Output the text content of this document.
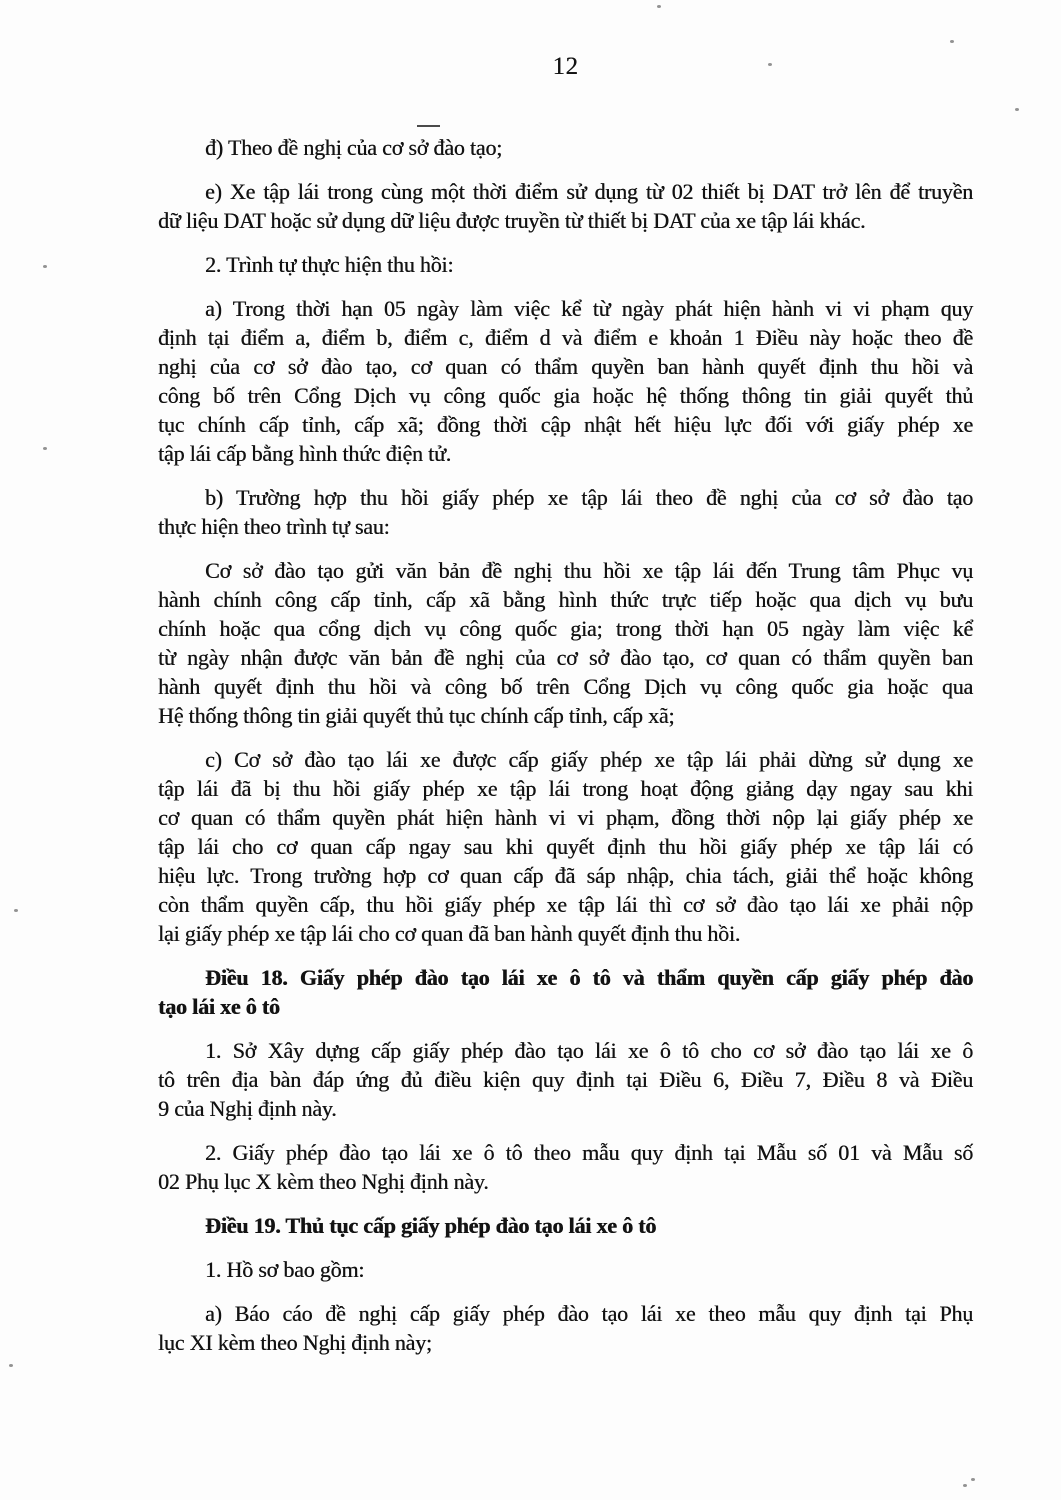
12
đ) Theo đề nghị của cơ sở đào tạo;
e) Xe tập lái trong cùng một thời điểm sử dụng từ 02 thiết bị DAT trở lên để truyền
dữ liệu DAT hoặc sử dụng dữ liệu được truyền từ thiết bị DAT của xe tập lái khác.
2. Trình tự thực hiện thu hồi:
a) Trong thời hạn 05 ngày làm việc kể từ ngày phát hiện hành vi vi phạm quy
định tại điểm a, điểm b, điểm c, điểm d và điểm e khoản 1 Điều này hoặc theo đề
nghị của cơ sở đào tạo, cơ quan có thẩm quyền ban hành quyết định thu hồi và
công bố trên Cổng Dịch vụ công quốc gia hoặc hệ thống thông tin giải quyết thủ
tục chính cấp tỉnh, cấp xã; đồng thời cập nhật hết hiệu lực đối với giấy phép xe
tập lái cấp bằng hình thức điện tử.
b) Trường hợp thu hồi giấy phép xe tập lái theo đề nghị của cơ sở đào tạo
thực hiện theo trình tự sau:
Cơ sở đào tạo gửi văn bản đề nghị thu hồi xe tập lái đến Trung tâm Phục vụ
hành chính công cấp tỉnh, cấp xã bằng hình thức trực tiếp hoặc qua dịch vụ bưu
chính hoặc qua cổng dịch vụ công quốc gia; trong thời hạn 05 ngày làm việc kể
từ ngày nhận được văn bản đề nghị của cơ sở đào tạo, cơ quan có thẩm quyền ban
hành quyết định thu hồi và công bố trên Cổng Dịch vụ công quốc gia hoặc qua
Hệ thống thông tin giải quyết thủ tục chính cấp tỉnh, cấp xã;
c) Cơ sở đào tạo lái xe được cấp giấy phép xe tập lái phải dừng sử dụng xe
tập lái đã bị thu hồi giấy phép xe tập lái trong hoạt động giảng dạy ngay sau khi
cơ quan có thẩm quyền phát hiện hành vi vi phạm, đồng thời nộp lại giấy phép xe
tập lái cho cơ quan cấp ngay sau khi quyết định thu hồi giấy phép xe tập lái có
hiệu lực. Trong trường hợp cơ quan cấp đã sáp nhập, chia tách, giải thể hoặc không
còn thẩm quyền cấp, thu hồi giấy phép xe tập lái thì cơ sở đào tạo lái xe phải nộp
lại giấy phép xe tập lái cho cơ quan đã ban hành quyết định thu hồi.
Điều 18. Giấy phép đào tạo lái xe ô tô và thẩm quyền cấp giấy phép đào
tạo lái xe ô tô
1. Sở Xây dựng cấp giấy phép đào tạo lái xe ô tô cho cơ sở đào tạo lái xe ô
tô trên địa bàn đáp ứng đủ điều kiện quy định tại Điều 6, Điều 7, Điều 8 và Điều
9 của Nghị định này.
2. Giấy phép đào tạo lái xe ô tô theo mẫu quy định tại Mẫu số 01 và Mẫu số
02 Phụ lục X kèm theo Nghị định này.
Điều 19. Thủ tục cấp giấy phép đào tạo lái xe ô tô
1. Hồ sơ bao gồm:
a) Báo cáo đề nghị cấp giấy phép đào tạo lái xe theo mẫu quy định tại Phụ
lục XI kèm theo Nghị định này;
